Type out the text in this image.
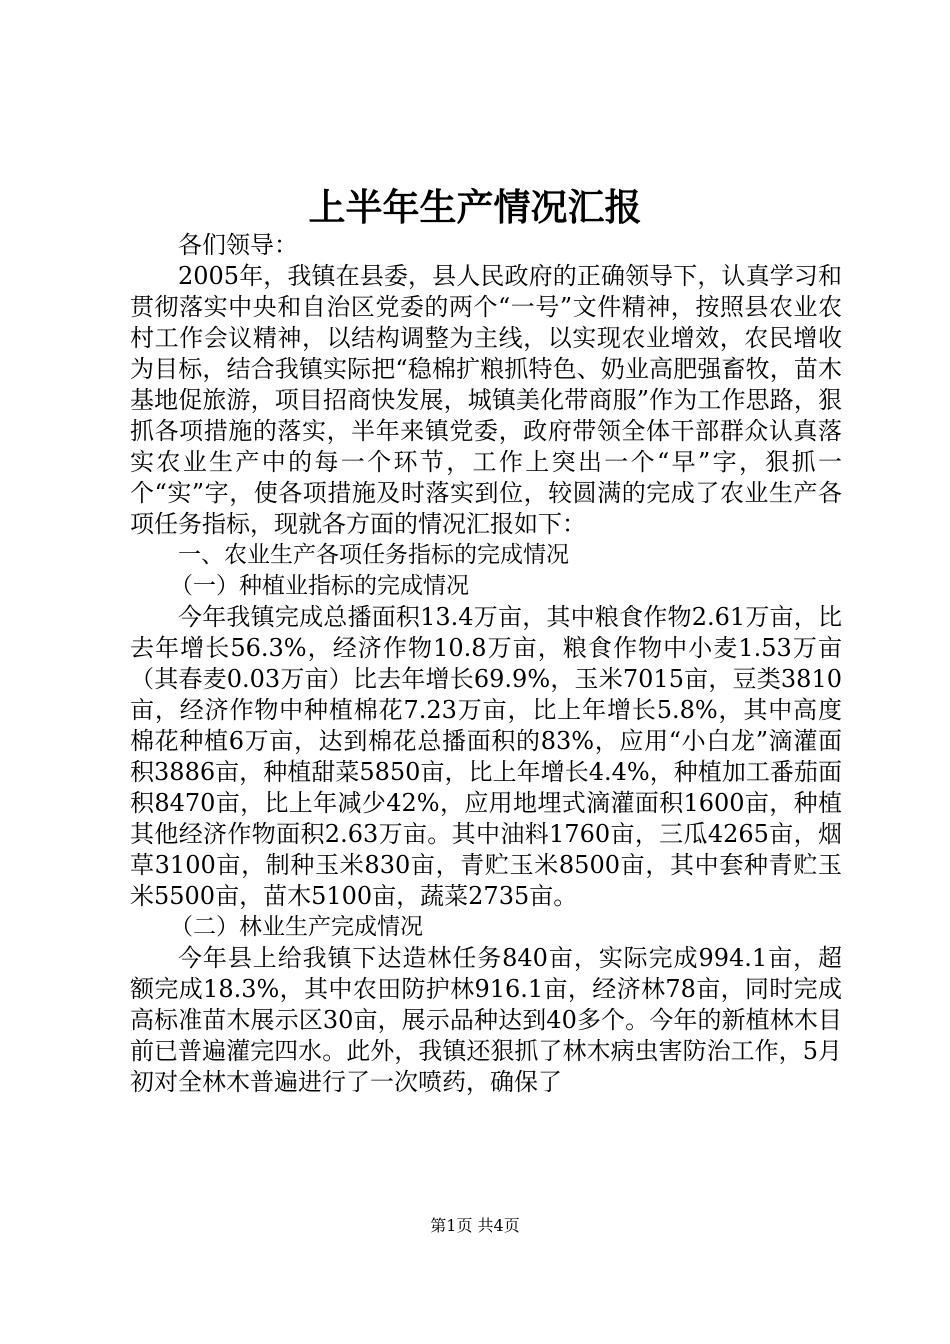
上半年生产情况汇报

各们领导：

2005年，我镇在县委，县人民政府的正确领导下，认真学习和贯彻落实中央和自治区党委的两个“一号”文件精神，按照县农业农村工作会议精神，以结构调整为主线，以实现农业增效，农民增收为目标，结合我镇实际把“稳棉扩粮抓特色、奶业高肥强畜牧，苗木基地促旅游，项目招商快发展，城镇美化带商服”作为工作思路，狠抓各项措施的落实，半年来镇党委，政府带领全体干部群众认真落实农业生产中的每一个环节，工作上突出一个“早”字，狠抓一个“实”字，使各项措施及时落实到位，较圆满的完成了农业生产各项任务指标，现就各方面的情况汇报如下：

一、农业生产各项任务指标的完成情况

（一）种植业指标的完成情况

今年我镇完成总播面积13.4万亩，其中粮食作物2.61万亩，比去年增长56.3%，经济作物10.8万亩，粮食作物中小麦1.53万亩（其春麦0.03万亩）比去年增长69.9%，玉米7015亩，豆类3810亩，经济作物中种植棉花7.23万亩，比上年增长5.8%，其中高度棉花种植6万亩，达到棉花总播面积的83%，应用“小白龙”滴灌面积3886亩，种植甜菜5850亩，比上年增长4.4%，种植加工番茄面积8470亩，比上年减少42%，应用地埋式滴灌面积1600亩，种植其他经济作物面积2.63万亩。其中油料1760亩，三瓜4265亩，烟草3100亩，制种玉米830亩，青贮玉米8500亩，其中套种青贮玉米5500亩，苗木5100亩，蔬菜2735亩。

（二）林业生产完成情况

今年县上给我镇下达造林任务840亩，实际完成994.1亩，超额完成18.3%，其中农田防护林916.1亩，经济林78亩，同时完成高标准苗木展示区30亩，展示品种达到40多个。今年的新植林木目前已普遍灌完四水。此外，我镇还狠抓了林木病虫害防治工作，5月初对全林木普遍进行了一次喷药，确保了

第1页 共4页
